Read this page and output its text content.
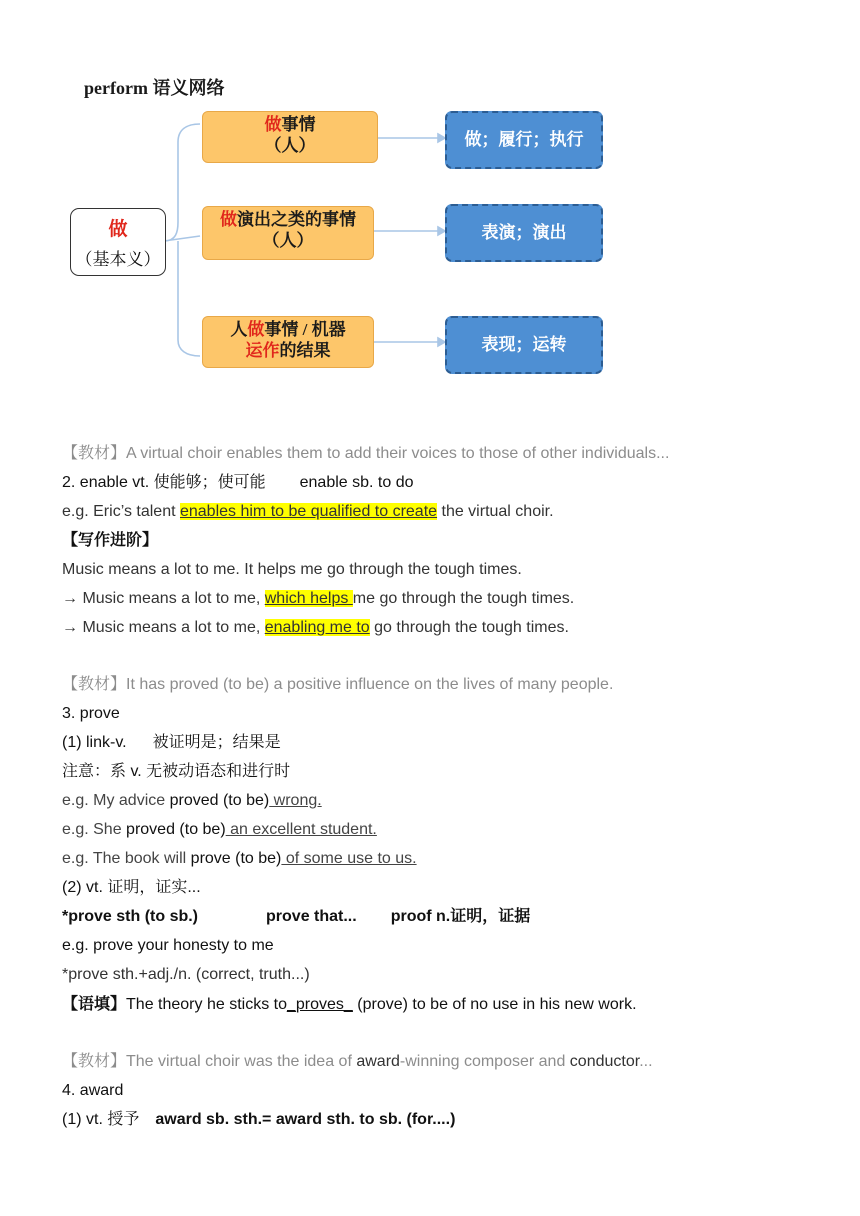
perform 语义网络
做
（基本义）
做事情
（人）
做演出之类的事情
（人）
人做事情 / 机器
运作的结果
做；履行；执行
表演；演出
表现；运转
【教材】A virtual choir enables them to add their voices to those of other individuals...
2. enable vt. 使能够；使可能 enable sb. to do
e.g. Eric’s talent enables him to be qualified to create the virtual choir.
【写作进阶】
Music means a lot to me. It helps me go through the tough times.
→ Music means a lot to me, which helps me go through the tough times.
→ Music means a lot to me, enabling me to go through the tough times.
【教材】It has proved (to be) a positive influence on the lives of many people.
3. prove
(1) link-v. 被证明是；结果是
注意：系 v. 无被动语态和进行时
e.g. My advice proved (to be) wrong.
e.g. She proved (to be) an excellent student.
e.g. The book will prove (to be) of some use to us.
(2) vt. 证明，证实...
*prove sth (to sb.)	prove that... proof n.证明，证据
e.g. prove your honesty to me
*prove sth.+adj./n. (correct, truth...)
【语填】The theory he sticks to_proves_ (prove) to be of no use in his new work.
【教材】The virtual choir was the idea of award-winning composer and conductor...
4. award
(1) vt. 授予 award sb. sth.= award sth. to sb. (for....)
